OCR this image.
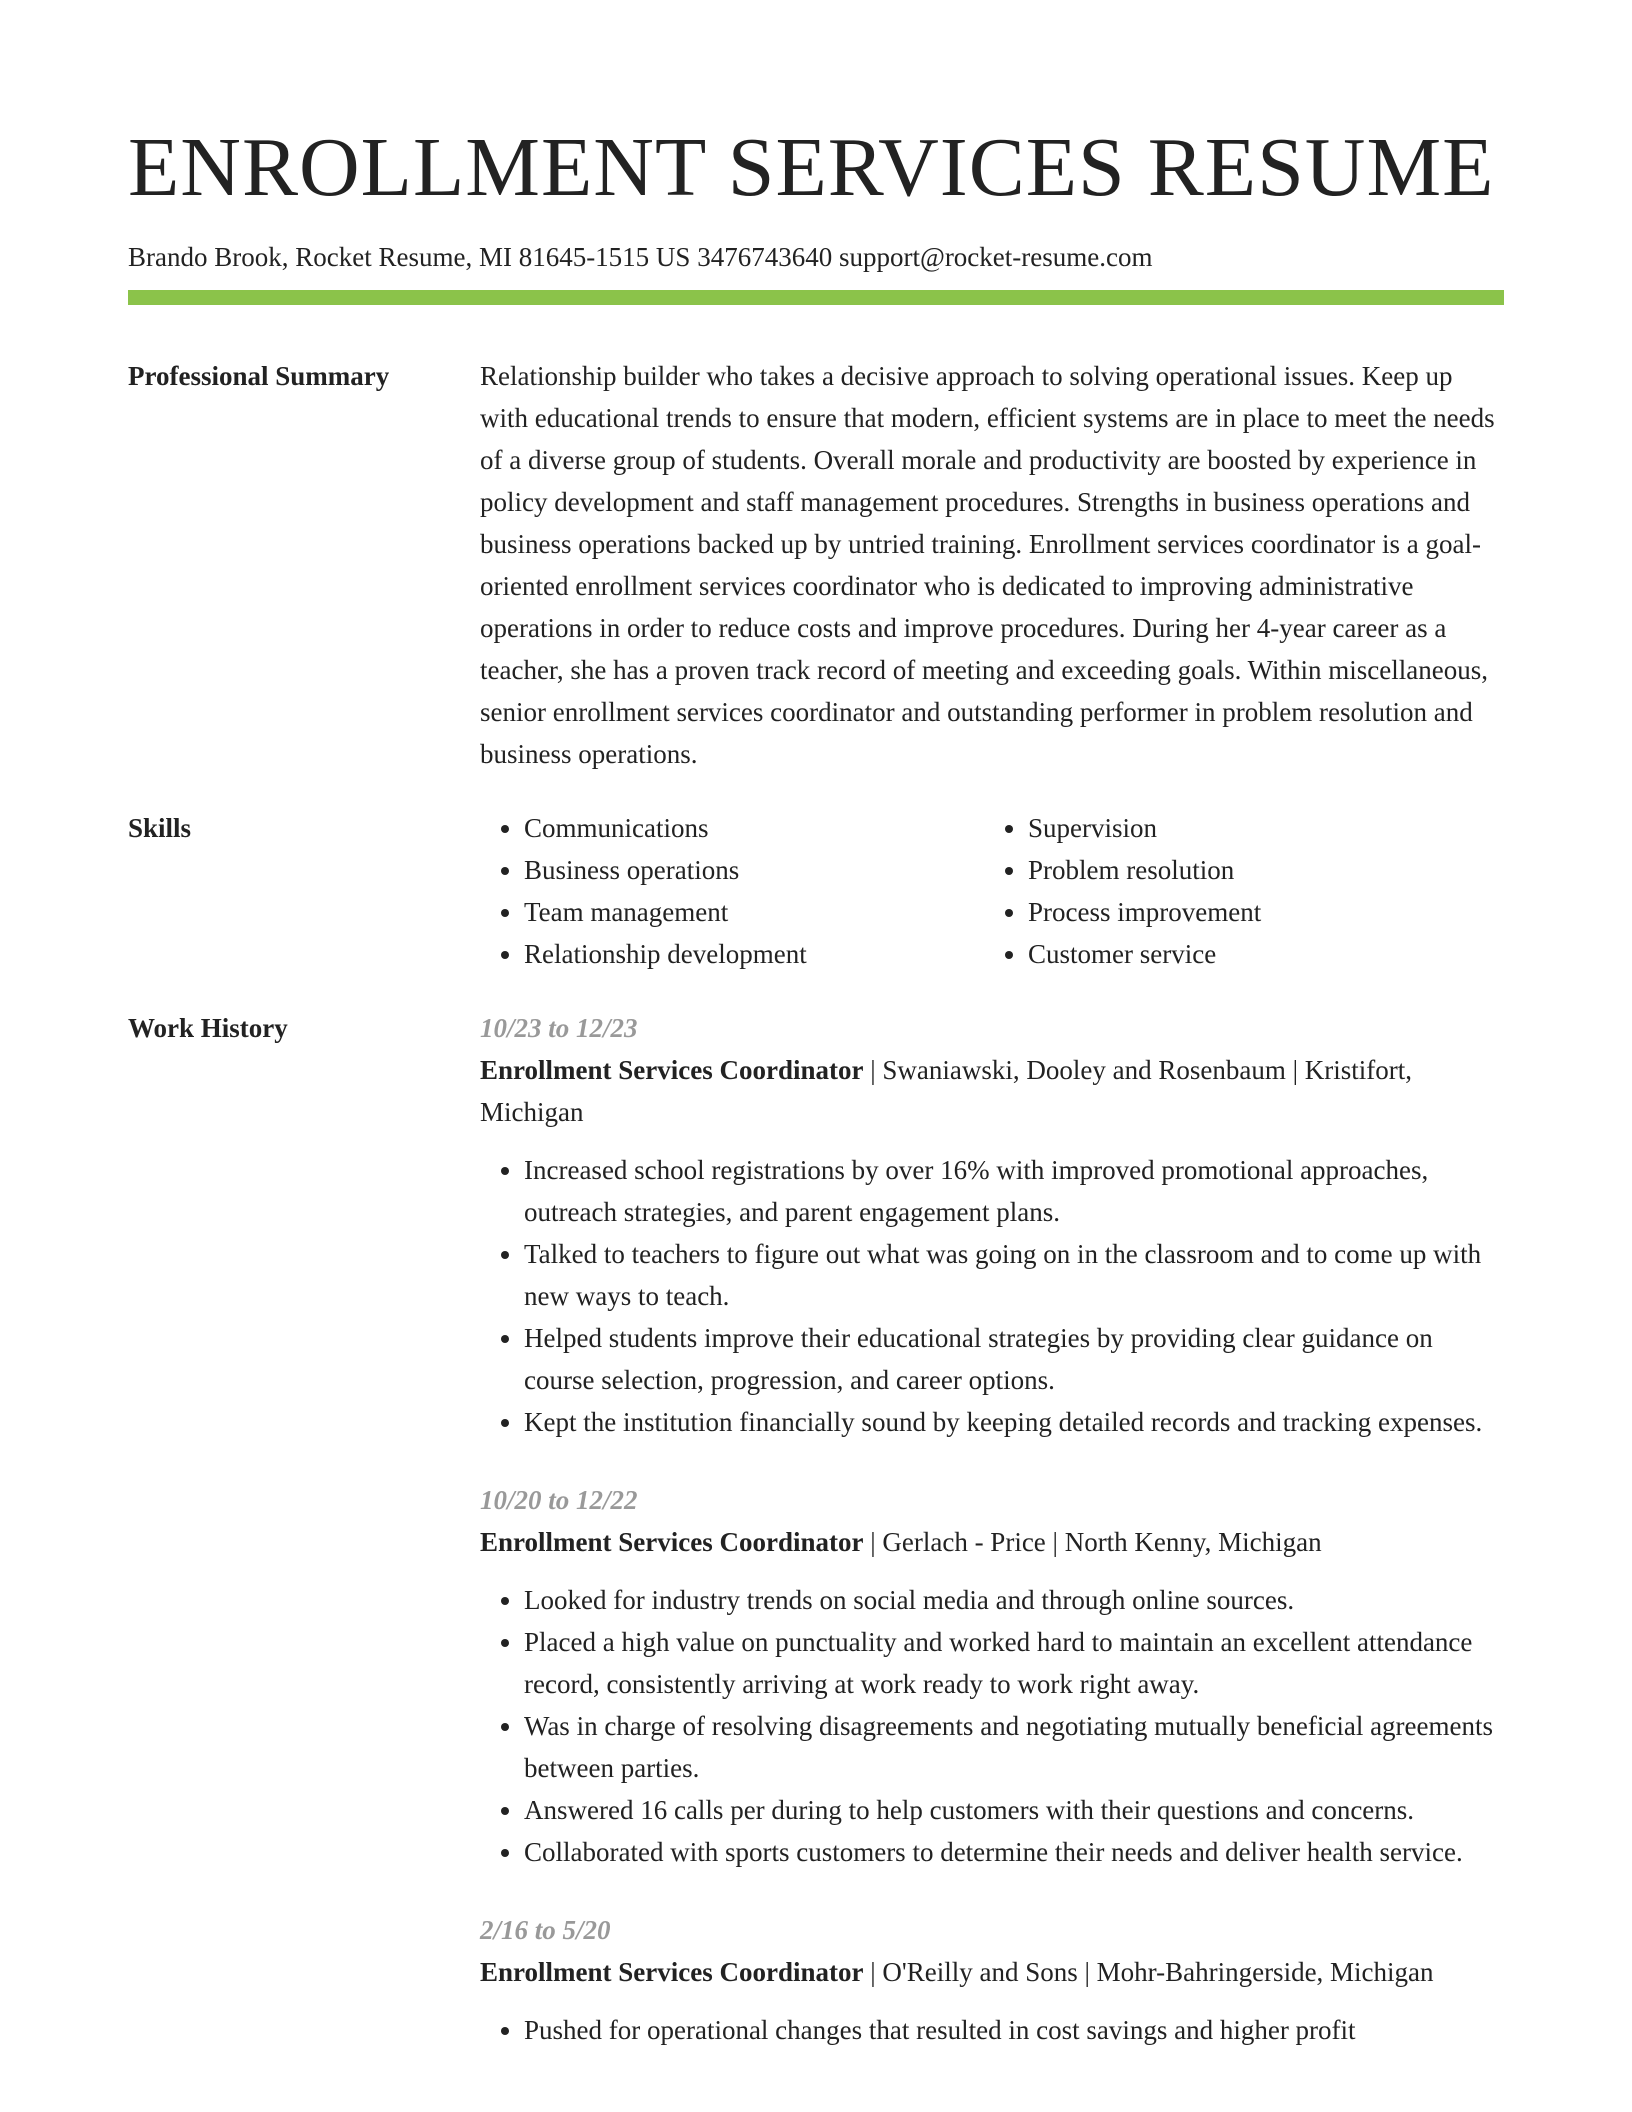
ENROLLMENT SERVICES RESUME
Brando Brook, Rocket Resume, MI 81645-1515 US 3476743640 support@rocket-resume.com
Professional Summary	Relationship builder who takes a decisive approach to solving operational issues. Keep up with educational trends to ensure that modern, efficient systems are in place to meet the needs of a diverse group of students. Overall morale and productivity are boosted by experience in policy development and staff management procedures. Strengths in business operations and business operations backed up by untried training. Enrollment services coordinator is a goal-oriented enrollment services coordinator who is dedicated to improving administrative operations in order to reduce costs and improve procedures. During her 4-year career as a teacher, she has a proven track record of meeting and exceeding goals. Within miscellaneous, senior enrollment services coordinator and outstanding performer in problem resolution and business operations.

Skills
•	Communications
• Business operations
• Team management
• Relationship development
• Supervision
• Problem resolution
• Process improvement
• Customer service
Work History	10/23 to 12/23
Enrollment Services Coordinator | Swaniawski, Dooley and Rosenbaum | Kristifort, Michigan
• Increased school registrations by over 16% with improved promotional approaches, outreach strategies, and parent engagement plans.
• Talked to teachers to figure out what was going on in the classroom and to come up with new ways to teach.
• Helped students improve their educational strategies by providing clear guidance on course selection, progression, and career options.
• Kept the institution financially sound by keeping detailed records and tracking expenses.
10/20 to 12/22
Enrollment Services Coordinator | Gerlach - Price | North Kenny, Michigan
• Looked for industry trends on social media and through online sources.
• Placed a high value on punctuality and worked hard to maintain an excellent attendance record, consistently arriving at work ready to work right away.
• Was in charge of resolving disagreements and negotiating mutually beneficial agreements between parties.
• Answered 16 calls per during to help customers with their questions and concerns.
• Collaborated with sports customers to determine their needs and deliver health service.
2/16 to 5/20
Enrollment Services Coordinator | O'Reilly and Sons | Mohr-Bahringerside, Michigan
• Pushed for operational changes that resulted in cost savings and higher profit
